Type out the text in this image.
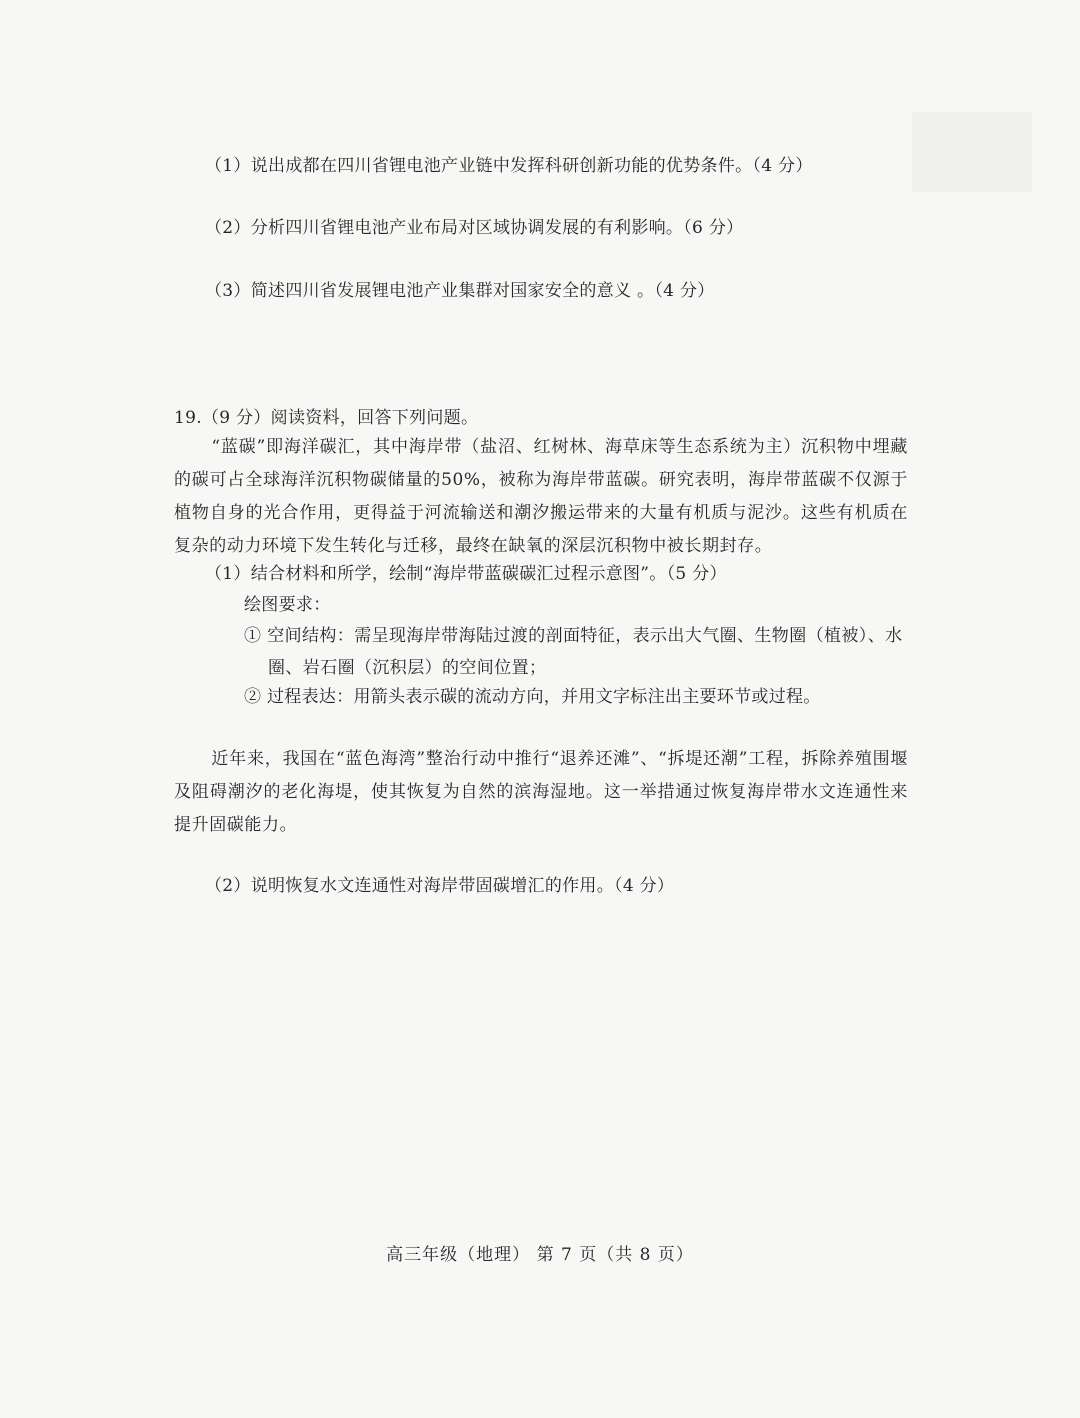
（1）说出成都在四川省锂电池产业链中发挥科研创新功能的优势条件。（4 分）
（2）分析四川省锂电池产业布局对区域协调发展的有利影响。（6 分）
（3）简述四川省发展锂电池产业集群对国家安全的意义 。（4 分）
19.（9 分）阅读资料，回答下列问题。
“蓝碳”即海洋碳汇，其中海岸带（盐沼、红树林、海草床等生态系统为主）沉积物中埋藏的碳可占全球海洋沉积物碳储量的50%，被称为海岸带蓝碳。研究表明，海岸带蓝碳不仅源于植物自身的光合作用，更得益于河流输送和潮汐搬运带来的大量有机质与泥沙。这些有机质在复杂的动力环境下发生转化与迁移，最终在缺氧的深层沉积物中被长期封存。
（1）结合材料和所学，绘制“海岸带蓝碳碳汇过程示意图”。（5 分）
绘图要求：
① 空间结构：需呈现海岸带海陆过渡的剖面特征，表示出大气圈、生物圈（植被）、水圈、岩石圈（沉积层）的空间位置；
② 过程表达：用箭头表示碳的流动方向，并用文字标注出主要环节或过程。
近年来，我国在“蓝色海湾”整治行动中推行“退养还滩”、“拆堤还潮”工程，拆除养殖围堰及阻碍潮汐的老化海堤，使其恢复为自然的滨海湿地。这一举措通过恢复海岸带水文连通性来提升固碳能力。
（2）说明恢复水文连通性对海岸带固碳增汇的作用。（4 分）
高三年级（地理） 第 7 页（共 8 页）
